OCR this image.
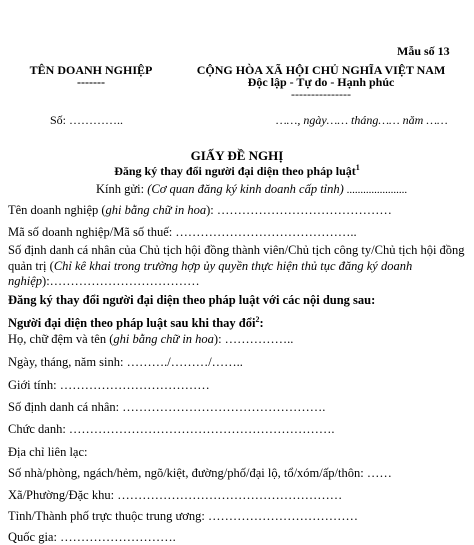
Mẫu số 13
TÊN DOANH NGHIỆP
-------
CỘNG HÒA XÃ HỘI CHỦ NGHĨA VIỆT NAM
Độc lập - Tự do - Hạnh phúc
---------------
Số: …………..	……, ngày…… tháng…… năm ……
GIẤY ĐỀ NGHỊ
Đăng ký thay đổi người đại diện theo pháp luật$^1$
Kính gửi: (Cơ quan đăng ký kinh doanh cấp tỉnh) ......................
Tên doanh nghiệp (ghi bằng chữ in hoa): ……………………………………
Mã số doanh nghiệp/Mã số thuế: ……………………………………..
Số định danh cá nhân của Chủ tịch hội đồng thành viên/Chủ tịch công ty/Chủ tịch hội đồng quản trị (Chỉ kê khai trong trường hợp ủy quyền thực hiện thủ tục đăng ký doanh nghiệp):………………………………
Đăng ký thay đổi người đại diện theo pháp luật với các nội dung sau:
Người đại diện theo pháp luật sau khi thay đổi$^2$:
Họ, chữ đệm và tên (ghi bằng chữ in hoa): ……………..
Ngày, tháng, năm sinh: ………./………/……..
Giới tính: ………………………………
Số định danh cá nhân: ………………………………………….
Chức danh: ……………………………………………………….
Địa chỉ liên lạc:
Số nhà/phòng, ngách/hẻm, ngõ/kiệt, đường/phố/đại lộ, tổ/xóm/ấp/thôn: ……
Xã/Phường/Đặc khu: ………………………………………………
Tỉnh/Thành phố trực thuộc trung ương: ………………………………
Quốc gia: ……………………….
